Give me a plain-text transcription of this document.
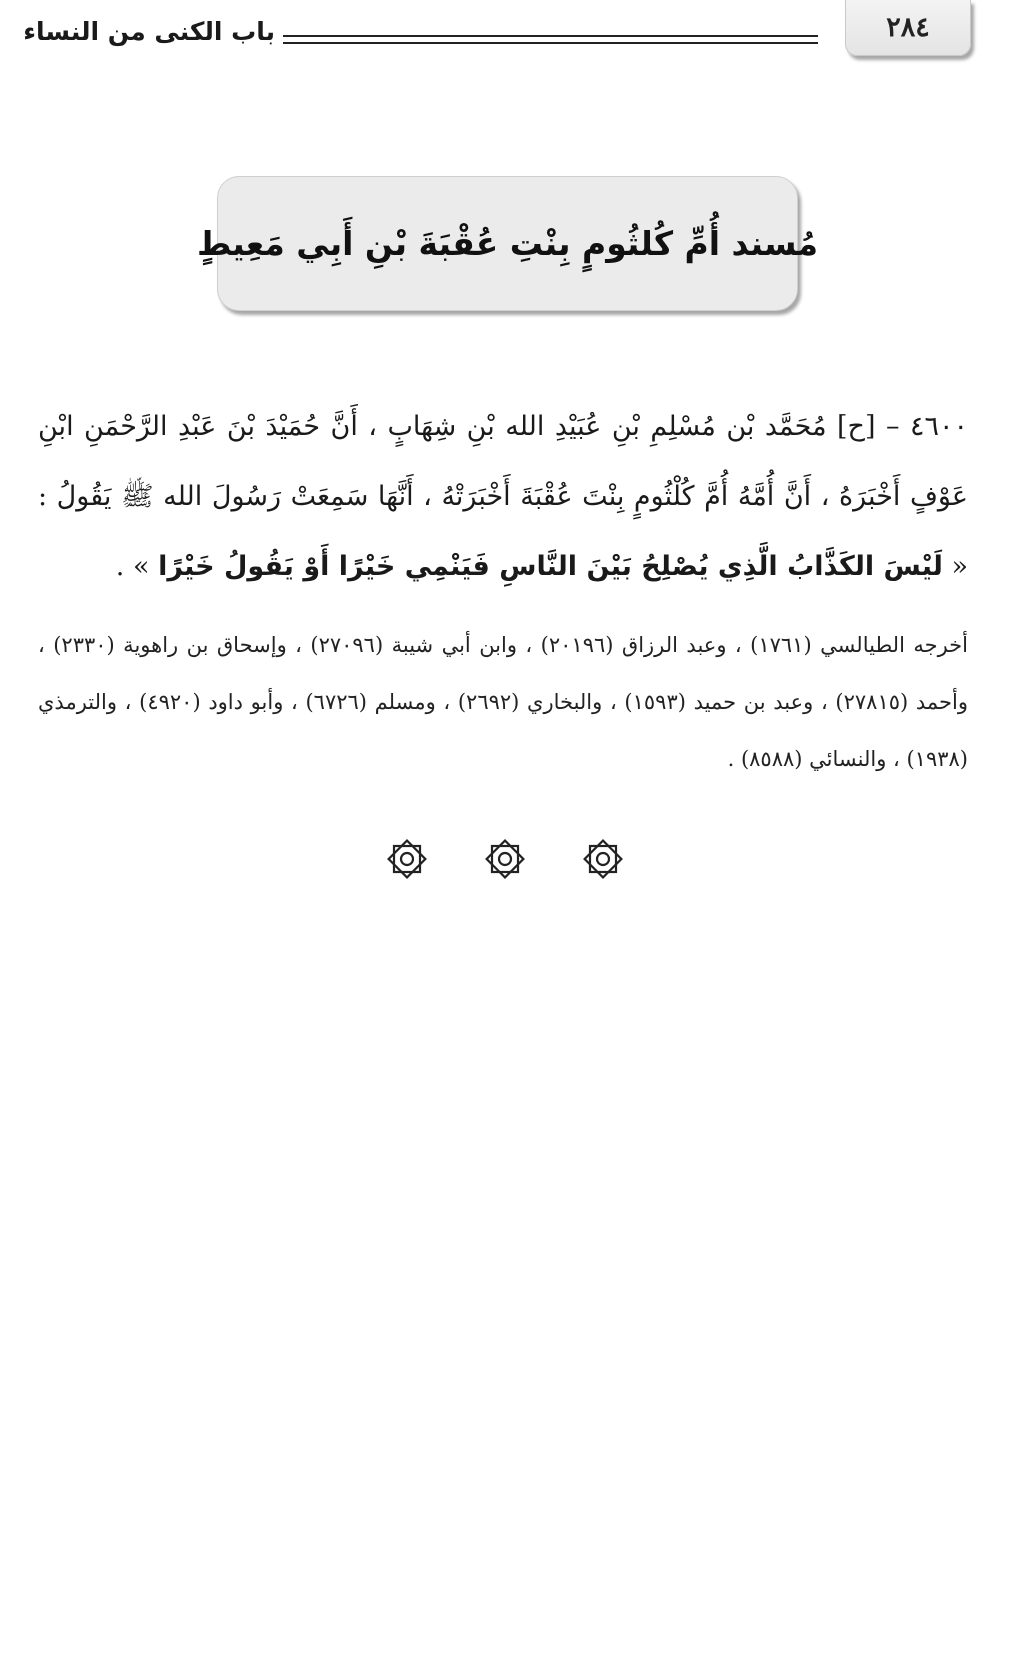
٢٨٤
باب الكنى من النساء
مُسند أُمِّ كُلثُومٍ بِنْتِ عُقْبَةَ بْنِ أَبِي مَعِيطٍ
٤٦٠٠ – [ح] مُحَمَّد بْن مُسْلِمِ بْنِ عُبَيْدِ الله بْنِ شِهَابٍ ، أَنَّ حُمَيْدَ بْنَ عَبْدِ الرَّحْمَنِ ابْنِ عَوْفٍ أَخْبَرَهُ ، أَنَّ أُمَّهُ أُمَّ كُلْثُومٍ بِنْتَ عُقْبَةَ أَخْبَرَتْهُ ، أَنَّهَا سَمِعَتْ رَسُولَ الله ﷺ يَقُولُ : « لَيْسَ الكَذَّابُ الَّذِي يُصْلِحُ بَيْنَ النَّاسِ فَيَنْمِي خَيْرًا أَوْ يَقُولُ خَيْرًا » .
أخرجه الطيالسي (١٧٦١) ، وعبد الرزاق (٢٠١٩٦) ، وابن أبي شيبة (٢٧٠٩٦) ، وإسحاق بن راهوية (٢٣٣٠) ، وأحمد (٢٧٨١٥) ، وعبد بن حميد (١٥٩٣) ، والبخاري (٢٦٩٢) ، ومسلم (٦٧٢٦) ، وأبو داود (٤٩٢٠) ، والترمذي (١٩٣٨) ، والنسائي (٨٥٨٨) .
